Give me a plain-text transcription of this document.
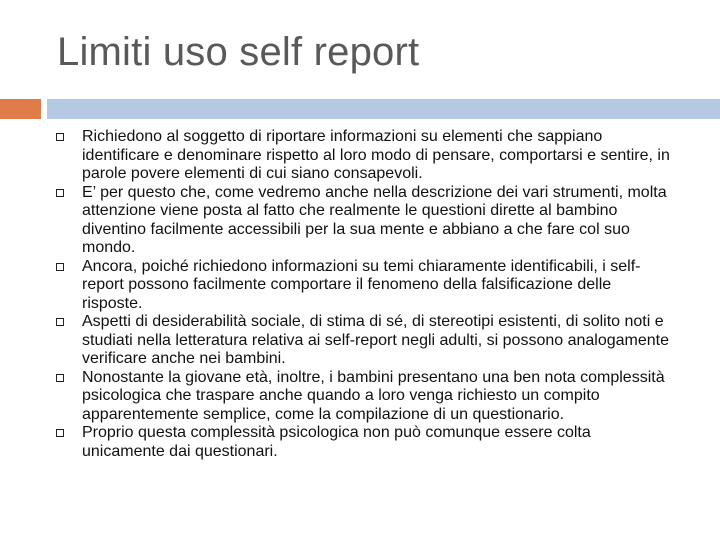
Limiti uso self report
Richiedono al soggetto di riportare informazioni su elementi che sappiano identificare e denominare rispetto al loro modo di pensare, comportarsi e sentire, in parole povere elementi di cui siano consapevoli.
E’ per questo che, come vedremo anche nella descrizione dei vari strumenti, molta attenzione viene posta al fatto che realmente le questioni dirette al bambino diventino facilmente accessibili per la sua mente e abbiano a che fare col suo mondo.
Ancora, poiché richiedono informazioni su temi chiaramente identificabili, i self-report possono facilmente comportare il fenomeno della falsificazione delle risposte.
Aspetti di desiderabilità sociale, di stima di sé, di stereotipi esistenti, di solito noti e studiati nella letteratura relativa ai self-report negli adulti, si possono analogamente verificare anche nei bambini.
Nonostante la giovane età, inoltre, i bambini presentano una ben nota complessità psicologica che traspare anche quando a loro venga richiesto un compito apparentemente semplice, come la compilazione di un questionario.
Proprio questa complessità psicologica non può comunque essere colta unicamente dai questionari.
